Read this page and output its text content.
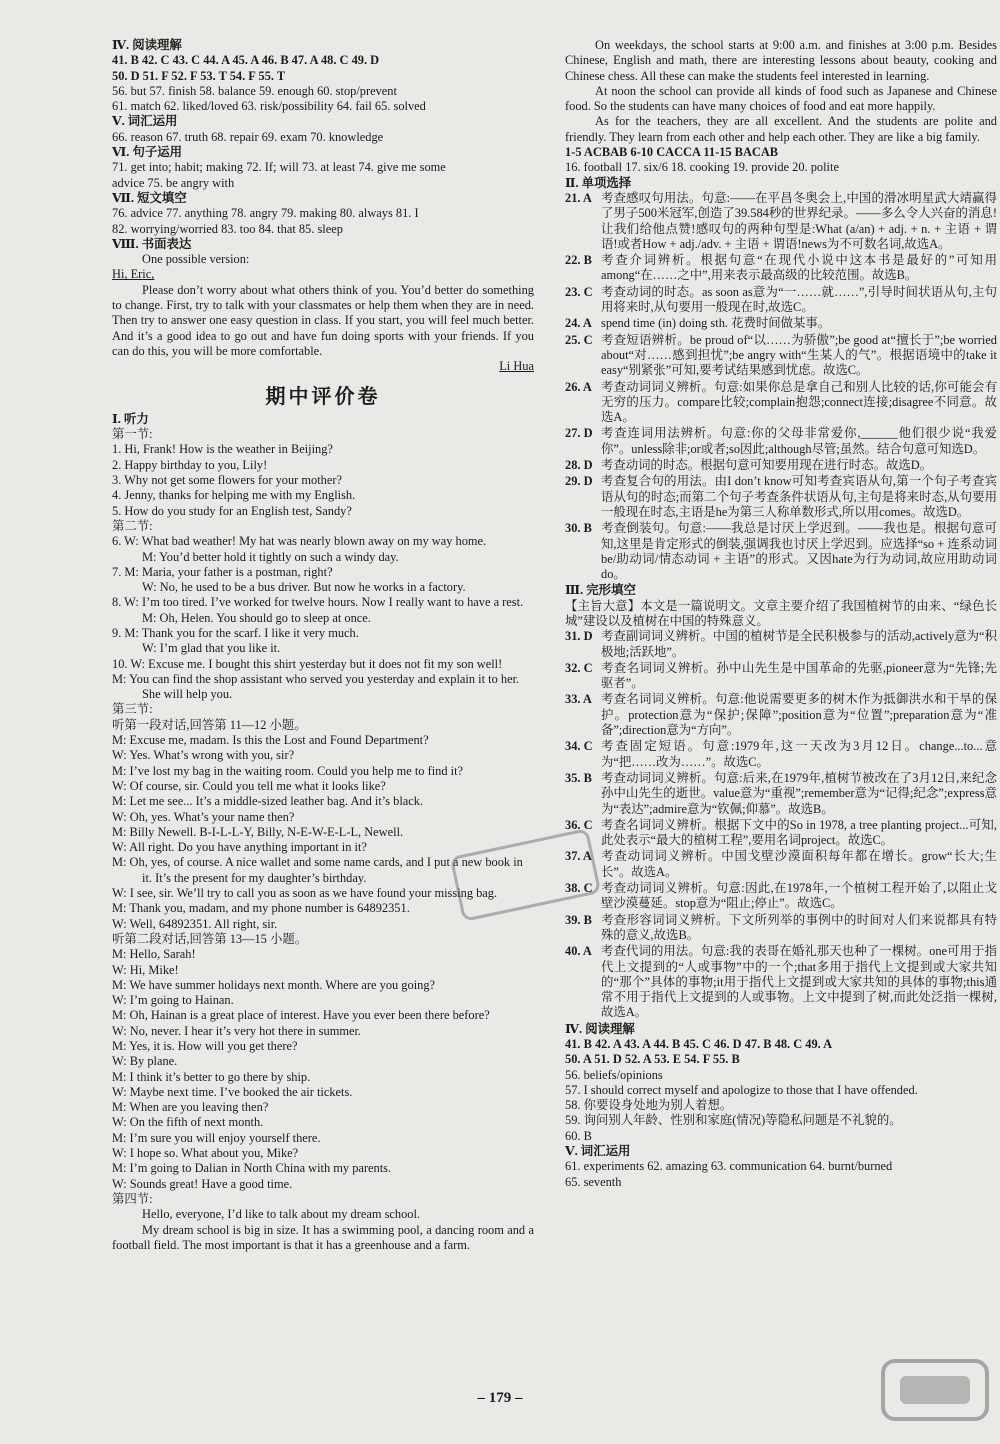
Ⅳ. 阅读理解
41. B 42. C 43. C 44. A 45. A 46. B 47. A 48. C 49. D
50. D 51. F 52. F 53. T 54. F 55. T
56. but 57. finish 58. balance 59. enough 60. stop/prevent
61. match 62. liked/loved 63. risk/possibility 64. fail 65. solved
Ⅴ. 词汇运用
66. reason 67. truth 68. repair 69. exam 70. knowledge
Ⅵ. 句子运用
71. get into; habit; making 72. If; will 73. at least 74. give me some
advice 75. be angry with
Ⅶ. 短文填空
76. advice 77. anything 78. angry 79. making 80. always 81. I
82. worrying/worried 83. too 84. that 85. sleep
Ⅷ. 书面表达
One possible version:
Hi, Eric,
Please don’t worry about what others think of you. You’d better do something to change. First, try to talk with your classmates or help them when they are in need. Then try to answer one easy question in class. If you start, you will feel much better. And it’s a good idea to go out and have fun doing sports with your friends. If you can do this, you will be more comfortable.
Li Hua
期中评价卷
Ⅰ. 听力
第一节:
1. Hi, Frank! How is the weather in Beijing?
2. Happy birthday to you, Lily!
3. Why not get some flowers for your mother?
4. Jenny, thanks for helping me with my English.
5. How do you study for an English test, Sandy?
第二节:
6. W: What bad weather! My hat was nearly blown away on my way home.
M: You’d better hold it tightly on such a windy day.
7. M: Maria, your father is a postman, right?
W: No, he used to be a bus driver. But now he works in a factory.
8. W: I’m too tired. I’ve worked for twelve hours. Now I really want to have a rest.
M: Oh, Helen. You should go to sleep at once.
9. M: Thank you for the scarf. I like it very much.
W: I’m glad that you like it.
10. W: Excuse me. I bought this shirt yesterday but it does not fit my son well!
M: You can find the shop assistant who served you yesterday and explain it to her. She will help you.
第三节:
听第一段对话,回答第 11—12 小题。
M: Excuse me, madam. Is this the Lost and Found Department?
W: Yes. What’s wrong with you, sir?
M: I’ve lost my bag in the waiting room. Could you help me to find it?
W: Of course, sir. Could you tell me what it looks like?
M: Let me see... It’s a middle-sized leather bag. And it’s black.
W: Oh, yes. What’s your name then?
M: Billy Newell. B-I-L-L-Y, Billy, N-E-W-E-L-L, Newell.
W: All right. Do you have anything important in it?
M: Oh, yes, of course. A nice wallet and some name cards, and I put a new book in it. It’s the present for my daughter’s birthday.
W: I see, sir. We’ll try to call you as soon as we have found your missing bag.
M: Thank you, madam, and my phone number is 64892351.
W: Well, 64892351. All right, sir.
听第二段对话,回答第 13—15 小题。
M: Hello, Sarah!
W: Hi, Mike!
M: We have summer holidays next month. Where are you going?
W: I’m going to Hainan.
M: Oh, Hainan is a great place of interest. Have you ever been there before?
W: No, never. I hear it’s very hot there in summer.
M: Yes, it is. How will you get there?
W: By plane.
M: I think it’s better to go there by ship.
W: Maybe next time. I’ve booked the air tickets.
M: When are you leaving then?
W: On the fifth of next month.
M: I’m sure you will enjoy yourself there.
W: I hope so. What about you, Mike?
M: I’m going to Dalian in North China with my parents.
W: Sounds great! Have a good time.
第四节:
Hello, everyone, I’d like to talk about my dream school.
My dream school is big in size. It has a swimming pool, a dancing room and a football field. The most important is that it has a greenhouse and a farm.
On weekdays, the school starts at 9:00 a.m. and finishes at 3:00 p.m. Besides Chinese, English and math, there are interesting lessons about beauty, cooking and Chinese chess. All these can make the students feel interested in learning.
At noon the school can provide all kinds of food such as Japanese and Chinese food. So the students can have many choices of food and eat more happily.
As for the teachers, they are all excellent. And the students are polite and friendly. They learn from each other and help each other. They are like a big family.
1-5 ACBAB 6-10 CACCA 11-15 BACAB
16. football 17. six/6 18. cooking 19. provide 20. polite
Ⅱ. 单项选择
21. A 考查感叹句用法。句意:——在平昌冬奥会上,中国的滑冰明星武大靖赢得了男子500米冠军,创造了39.584秒的世界纪录。——多么令人兴奋的消息!让我们给他点赞!感叹句的两种句型是:What (a/an) + adj. + n. + 主语 + 谓语!或者How + adj./adv. + 主语 + 谓语!news为不可数名词,故选A。
22. B 考查介词辨析。根据句意“在现代小说中这本书是最好的”可知用among“在……之中”,用来表示最高级的比较范围。故选B。
23. C 考查动词的时态。as soon as意为“一……就……”,引导时间状语从句,主句用将来时,从句要用一般现在时,故选C。
24. A spend time (in) doing sth. 花费时间做某事。
25. C 考查短语辨析。be proud of“以……为骄傲”;be good at“擅长于”;be worried about“对……感到担忧”;be angry with“生某人的气”。根据语境中的take it easy“别紧张”可知,要考试结果感到忧虑。故选C。
26. A 考查动词词义辨析。句意:如果你总是拿自己和别人比较的话,你可能会有无穷的压力。compare比较;complain抱怨;connect连接;disagree不同意。故选A。
27. D 考查连词用法辨析。句意:你的父母非常爱你,______他们很少说“我爱你”。unless除非;or或者;so因此;although尽管;虽然。结合句意可知选D。
28. D 考查动词的时态。根据句意可知要用现在进行时态。故选D。
29. D 考查复合句的用法。由I don’t know可知考查宾语从句,第一个句子考查宾语从句的时态;而第二个句子考查条件状语从句,主句是将来时态,从句要用一般现在时态,主语是he为第三人称单数形式,所以用comes。故选D。
30. B 考查倒装句。句意:——我总是讨厌上学迟到。——我也是。根据句意可知,这里是肯定形式的倒装,强调我也讨厌上学迟到。应选择“so + 连系动词be/助动词/情态动词 + 主语”的形式。又因hate为行为动词,故应用助动词do。
Ⅲ. 完形填空
【主旨大意】本文是一篇说明文。文章主要介绍了我国植树节的由来、“绿色长城”建设以及植树在中国的特殊意义。
31. D 考查副词词义辨析。中国的植树节是全民积极参与的活动,actively意为“积极地;活跃地”。
32. C 考查名词词义辨析。孙中山先生是中国革命的先驱,pioneer意为“先锋;先驱者”。
33. A 考查名词词义辨析。句意:他说需要更多的树木作为抵御洪水和干旱的保护。protection意为“保护;保障”;position意为“位置”;preparation意为“准备”;direction意为“方向”。
34. C 考查固定短语。句意:1979年,这一天改为3月12日。change...to...意为“把……改为……”。故选C。
35. B 考查动词词义辨析。句意:后来,在1979年,植树节被改在了3月12日,来纪念孙中山先生的逝世。value意为“重视”;remember意为“记得;纪念”;express意为“表达”;admire意为“钦佩;仰慕”。故选B。
36. C 考查名词词义辨析。根据下文中的So in 1978, a tree planting project...可知,此处表示“最大的植树工程”,要用名词project。故选C。
37. A 考查动词词义辨析。中国戈壁沙漠面积每年都在增长。grow“长大;生长”。故选A。
38. C 考查动词词义辨析。句意:因此,在1978年,一个植树工程开始了,以阻止戈壁沙漠蔓延。stop意为“阻止;停止”。故选C。
39. B 考查形容词词义辨析。下文所列举的事例中的时间对人们来说都具有特殊的意义,故选B。
40. A 考查代词的用法。句意:我的表哥在婚礼那天也种了一棵树。one可用于指代上文提到的“人或事物”中的一个;that多用于指代上文提到或大家共知的“那个”具体的事物;it用于指代上文提到或大家共知的具体的事物;this通常不用于指代上文提到的人或事物。上文中提到了树,而此处泛指一棵树,故选A。
Ⅳ. 阅读理解
41. B 42. A 43. A 44. B 45. C 46. D 47. B 48. C 49. A
50. A 51. D 52. A 53. E 54. F 55. B
56. beliefs/opinions
57. I should correct myself and apologize to those that I have offended.
58. 你要设身处地为别人着想。
59. 询问别人年龄、性别和家庭(情况)等隐私问题是不礼貌的。
60. B
Ⅴ. 词汇运用
61. experiments 62. amazing 63. communication 64. burnt/burned
65. seventh
– 179 –
